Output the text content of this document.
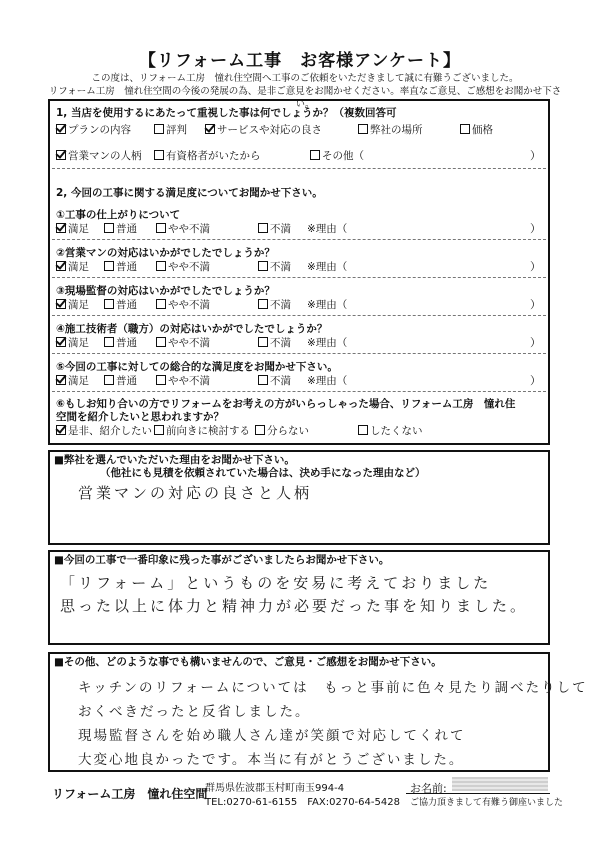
【リフォーム工事　お客様アンケート】
この度は、リフォーム工房　憧れ住空間へ工事のご依頼をいただきまして誠に有難うございました。
リフォーム工房　憧れ住空間の今後の発展の為、是非ご意見をお聞かせください。率直なご意見、ご感想をお聞かせ下さい。
1, 当店を使用するにあたって重視した事は何でしょうか？（複数回答可
プランの内容	評判	サービスや対応の良さ	弊社の場所	価格
営業マンの人柄	有資格者がいたから	その他（	）
2, 今回の工事に関する満足度についてお聞かせ下さい。
①工事の仕上がりについて
満足	普通	やや不満	不満 ※理由（	）
②営業マンの対応はいかがでしたでしょうか？
満足	普通	やや不満	不満 ※理由（	）
③現場監督の対応はいかがでしたでしょうか？
満足	普通	やや不満	不満 ※理由（	）
④施工技術者（職方）の対応はいかがでしたでしょうか？
満足	普通	やや不満	不満 ※理由（	）
⑤今回の工事に対しての総合的な満足度をお聞かせ下さい。
満足	普通	やや不満	不満 ※理由（	）
⑥もしお知り合いの方でリフォームをお考えの方がいらっしゃった場合、リフォーム工房　憧れ住
空間を紹介したいと思われますか？
是非、紹介したい	前向きに検討する	分らない	したくない
■弊社を選んでいただいた理由をお聞かせ下さい。
（他社にも見積を依頼されていた場合は、決め手になった理由など）
営業マンの対応の良さと人柄
■今回の工事で一番印象に残った事がございましたらお聞かせ下さい。
「リフォーム」というものを安易に考えておりました
思った以上に体力と精神力が必要だった事を知りました。
■その他、どのような事でも構いませんので、ご意見・ご感想をお聞かせ下さい。
キッチンのリフォームについては　もっと事前に色々見たり調べたりして
おくべきだったと反省しました。
現場監督さんを始め職人さん達が笑顔で対応してくれて
大変心地良かったです。本当に有がとうございました。
リフォーム工房　憧れ住空間
群馬県佐波郡玉村町南玉994-4
TEL:0270-61-6155　FAX:0270-64-5428
お名前:
ご協力頂きまして有難う御座いました
